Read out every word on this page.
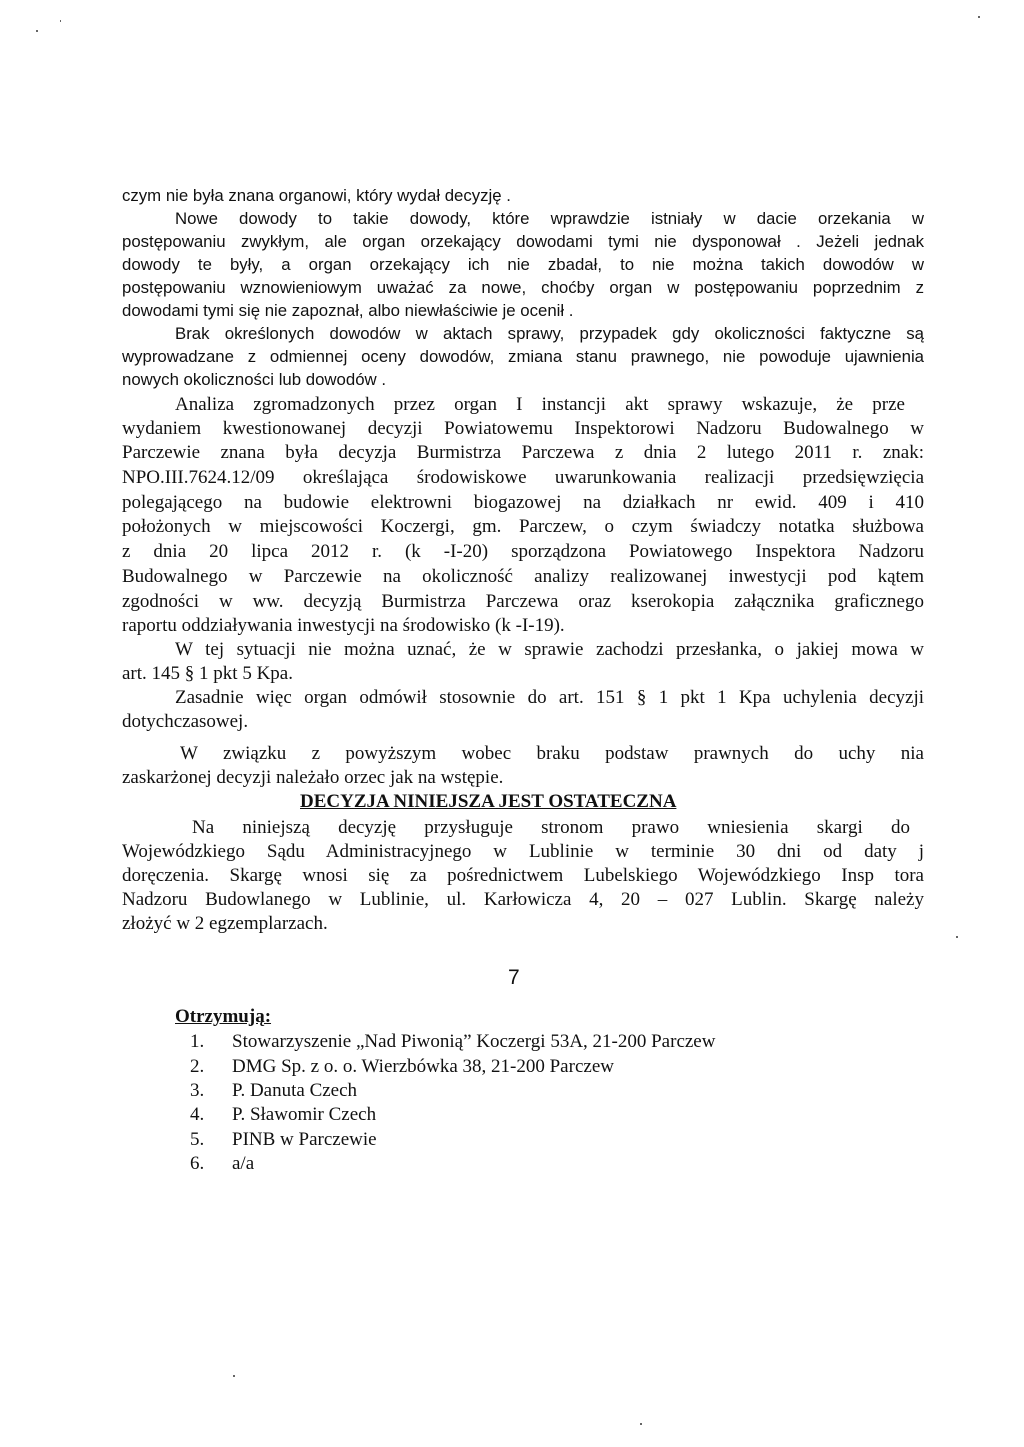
czym nie była znana organowi, który wydał decyzję .
Nowe dowody to takie dowody, które wprawdzie istniały w dacie orzekania w
postępowaniu zwykłym, ale organ orzekający dowodami tymi nie dysponował . Jeżeli jednak
dowody te były, a organ orzekający ich nie zbadał, to nie można takich dowodów w
postępowaniu wznowieniowym uważać za nowe, choćby organ w postępowaniu poprzednim z
dowodami tymi się nie zapoznał, albo niewłaściwie je ocenił .
Brak określonych dowodów w aktach sprawy, przypadek gdy okoliczności faktyczne są
wyprowadzane z odmiennej oceny dowodów, zmiana stanu prawnego, nie powoduje ujawnienia
nowych okoliczności lub dowodów .
Analiza zgromadzonych przez organ I instancji akt sprawy wskazuje, że prze
wydaniem kwestionowanej decyzji Powiatowemu Inspektorowi Nadzoru Budowalnego w
Parczewie znana była decyzja Burmistrza Parczewa z dnia 2 lutego 2011 r. znak:
NPO.III.7624.12/09 określająca środowiskowe uwarunkowania realizacji przedsięwzięcia
polegającego na budowie elektrowni biogazowej na działkach nr ewid. 409 i 410
położonych w miejscowości Koczergi, gm. Parczew, o czym świadczy notatka służbowa
z dnia 20 lipca 2012 r. (k -I-20) sporządzona Powiatowego Inspektora Nadzoru
Budowalnego w Parczewie na okoliczność analizy realizowanej inwestycji pod kątem
zgodności w ww. decyzją Burmistrza Parczewa oraz kserokopia załącznika graficznego
raportu oddziaływania inwestycji na środowisko (k -I-19).
W tej sytuacji nie można uznać, że w sprawie zachodzi przesłanka, o jakiej mowa w
art. 145 § 1 pkt 5 Kpa.
Zasadnie więc organ odmówił stosownie do art. 151 § 1 pkt 1 Kpa uchylenia decyzji
dotychczasowej.
W związku z powyższym wobec braku podstaw prawnych do uchy nia
zaskarżonej decyzji należało orzec jak na wstępie.
DECYZJA NINIEJSZA JEST OSTATECZNA
Na niniejszą decyzję przysługuje stronom prawo wniesienia skargi do
Wojewódzkiego Sądu Administracyjnego w Lublinie w terminie 30 dni od daty j
doręczenia. Skargę wnosi się za pośrednictwem Lubelskiego Wojewódzkiego Insp tora
Nadzoru Budowlanego w Lublinie, ul. Karłowicza 4, 20 – 027 Lublin. Skargę należy
złożyć w 2 egzemplarzach.
Otrzymują:
1. Stowarzyszenie „Nad Piwonią” Koczergi 53A, 21-200 Parczew
2. DMG Sp. z o. o. Wierzbówka 38, 21-200 Parczew
3. P. Danuta Czech
4. P. Sławomir Czech
5. PINB w Parczewie
6. a/a
7
